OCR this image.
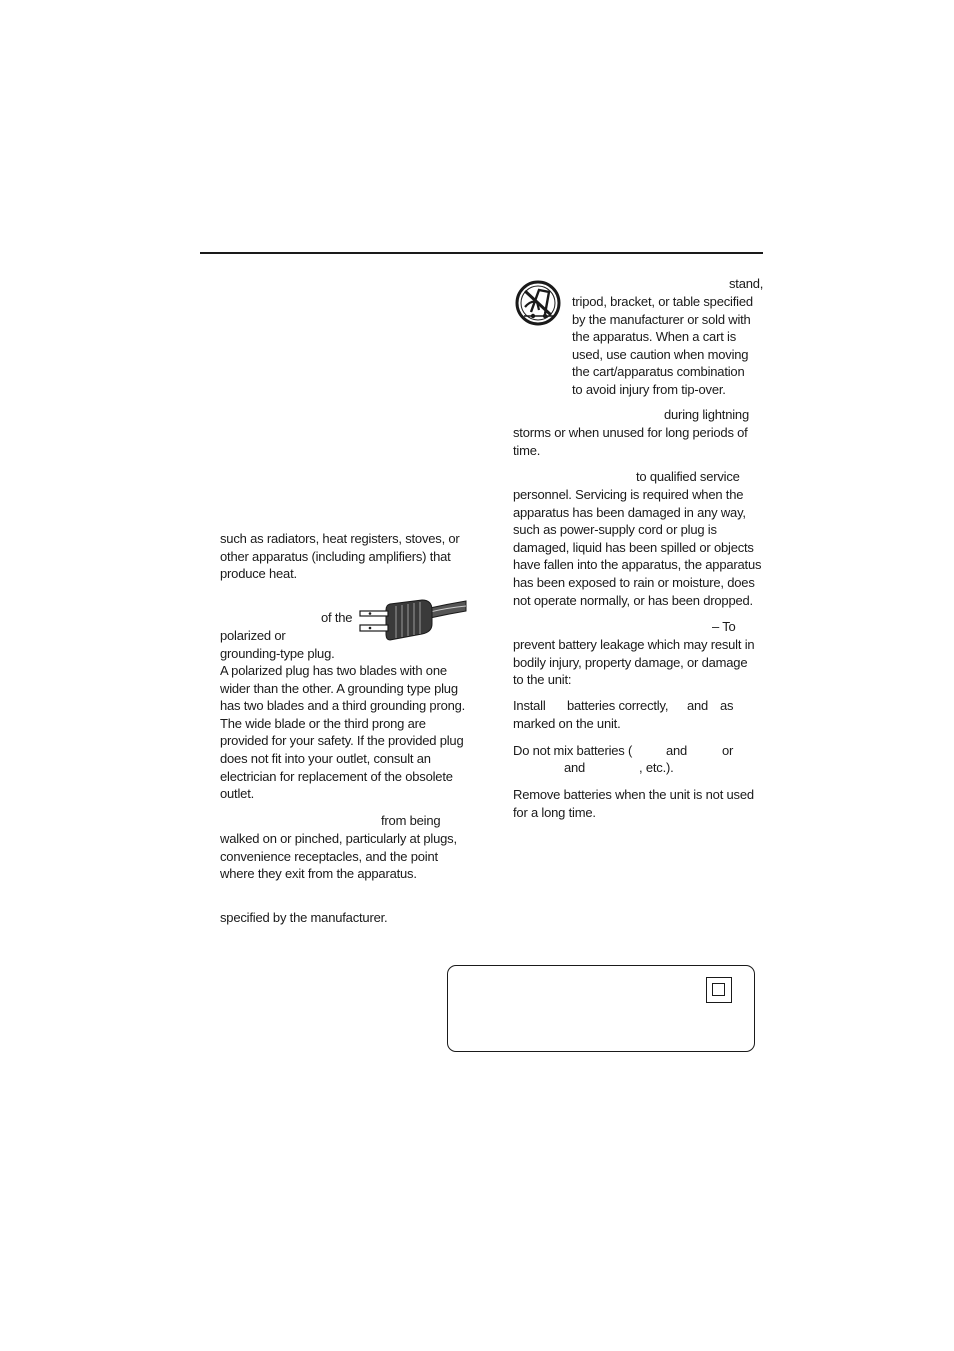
such as radiators, heat registers, stoves, or
other apparatus (including amplifiers) that
produce heat.
of the
polarized or
grounding-type plug.
A polarized plug has two blades with one
wider than the other. A grounding type plug
has two blades and a third grounding prong.
The wide blade or the third prong are
provided for your safety. If the provided plug
does not fit into your outlet, consult an
electrician for replacement of the obsolete
outlet.
from being
walked on or pinched, particularly at plugs,
convenience receptacles, and the point
where they exit from the apparatus.
specified by the manufacturer.
stand,
tripod, bracket, or table specified
by the manufacturer or sold with
the apparatus. When a cart is
used, use caution when moving
the cart/apparatus combination
to avoid injury from tip-over.
during lightning
storms or when unused for long periods of
time.
to qualified service
personnel. Servicing is required when the
apparatus has been damaged in any way,
such as power-supply cord or plug is
damaged, liquid has been spilled or objects
have fallen into the apparatus, the apparatus
has been exposed to rain or moisture, does
not operate normally, or has been dropped.
– To
prevent battery leakage which may result in
bodily injury, property damage, or damage
to the unit:
Install batteries correctly, and as
marked on the unit.
Do not mix batteries (	and	or
and	, etc.).
Remove batteries when the unit is not used
for a long time.
